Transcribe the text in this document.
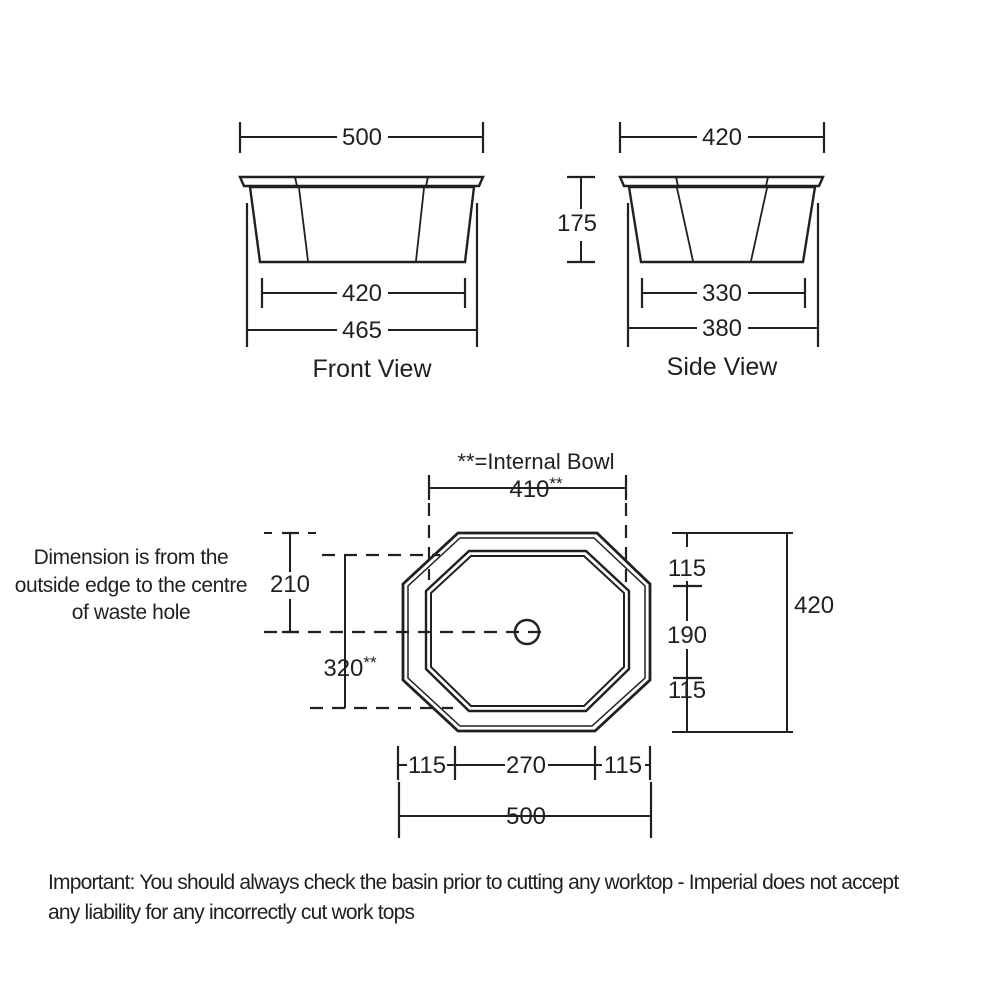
500
420
465
Front View
420
175
330
380
Side View
**=Internal Bowl
410**
210
320**
420
115
190
115
115 270 115
500
Dimension is from the
outside edge to the centre
of waste hole
Important: You should always check the basin prior to cutting any worktop - Imperial does not accept
any liability for any incorrectly cut work tops
